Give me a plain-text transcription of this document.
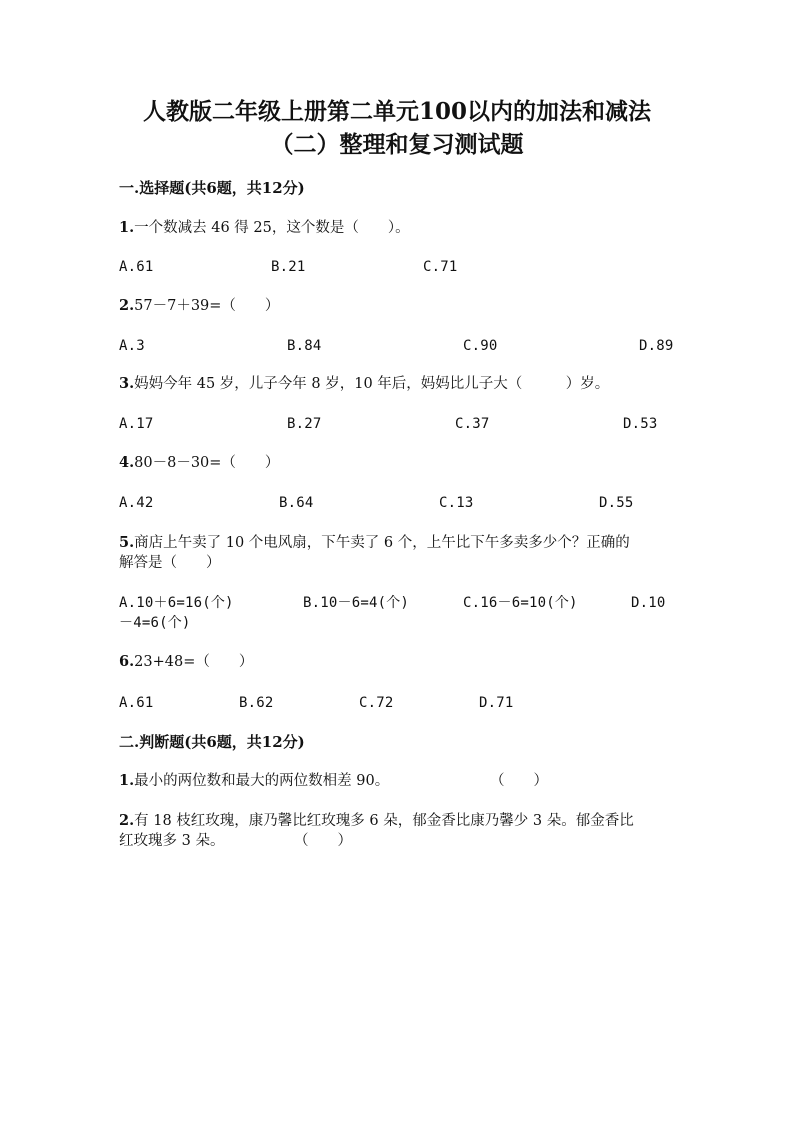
人教版二年级上册第二单元100以内的加法和减法
（二）整理和复习测试题
一.选择题(共6题，共12分)
1.一个数减去 46 得 25，这个数是（　　）。
A.61	B.21	C.71
2.57－7＋39=（　　）
A.3	B.84	C.90	D.89
3.妈妈今年 45 岁，儿子今年 8 岁，10 年后，妈妈比儿子大（　　　）岁。
A.17	B.27	C.37	D.53
4.80－8－30=（　　）
A.42	B.64	C.13	D.55
5.商店上午卖了 10 个电风扇，下午卖了 6 个，上午比下午多卖多少个？正确的
解答是（　　）
A.10＋6=16(个)	B.10－6=4(个)	C.16－6=10(个)	D.10
－4=6(个)
6.23+48=（　　）
A.61	B.62	C.72	D.71
二.判断题(共6题，共12分)
1.最小的两位数和最大的两位数相差 90。	（　　）
2.有 18 枝红玫瑰，康乃馨比红玫瑰多 6 朵，郁金香比康乃馨少 3 朵。郁金香比
红玫瑰多 3 朵。	（　　）
